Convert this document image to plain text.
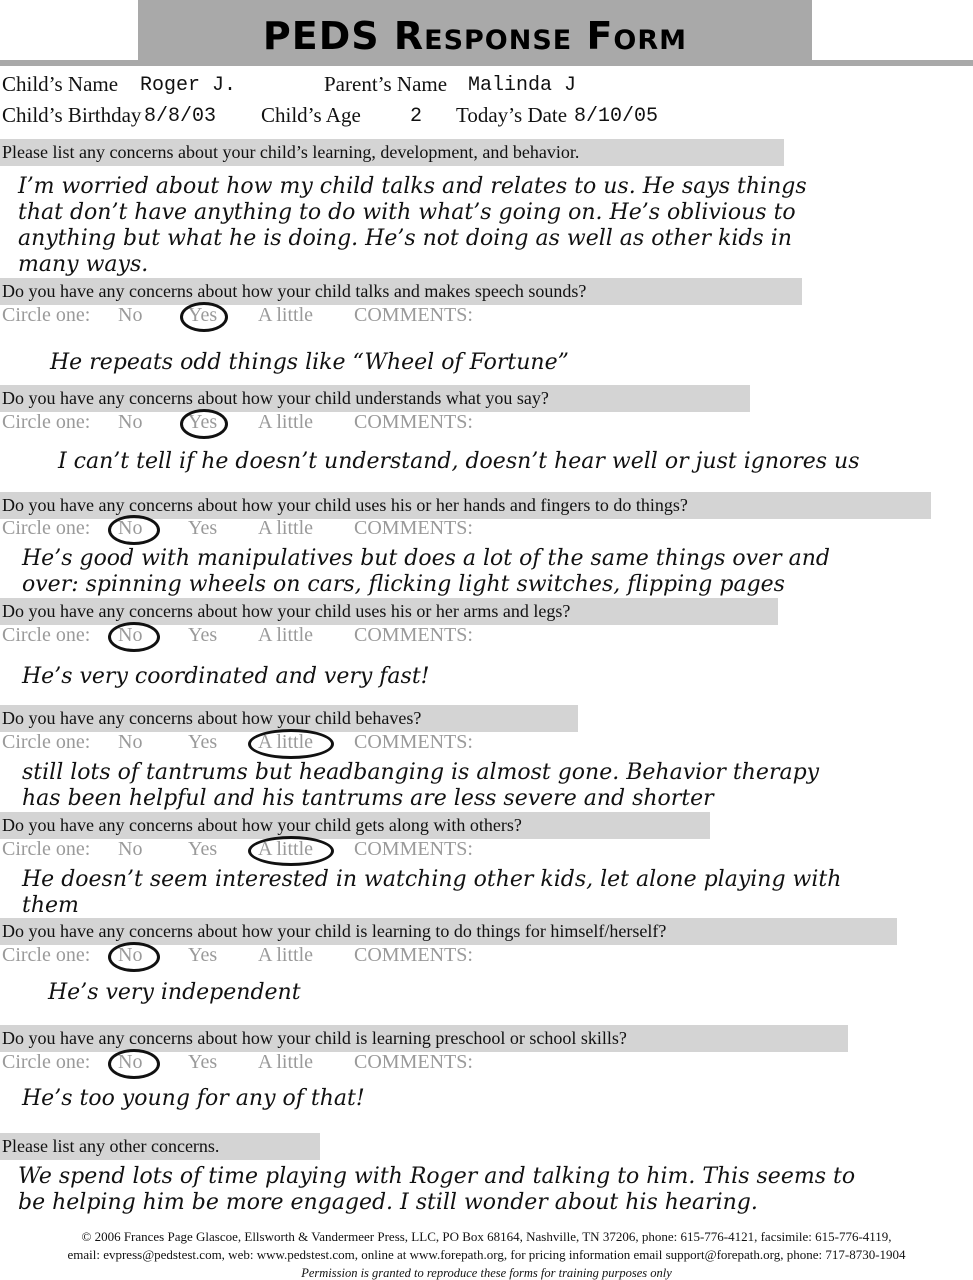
PEDS Response Form
Child’s Name Roger J.	Parent’s Name Malinda J
Child’s Birthday 8/8/03 Child’s Age 2 Today’s Date 8/10/05
Please list any concerns about your child’s learning, development, and behavior.
I’m worried about how my child talks and relates to us. He says things
that don’t have anything to do with what’s going on. He’s oblivious to
anything but what he is doing. He’s not doing as well as other kids in
many ways.
Do you have any concerns about how your child talks and makes speech sounds?
Circle one: No Yes A little COMMENTS:
He repeats odd things like “Wheel of Fortune”
Do you have any concerns about how your child understands what you say?
Circle one: No Yes A little COMMENTS:
I can’t tell if he doesn’t understand, doesn’t hear well or just ignores us
Do you have any concerns about how your child uses his or her hands and fingers to do things?
Circle one: No Yes A little COMMENTS:
He’s good with manipulatives but does a lot of the same things over and
over: spinning wheels on cars, flicking light switches, flipping pages
Do you have any concerns about how your child uses his or her arms and legs?
Circle one: No Yes A little COMMENTS:
He’s very coordinated and very fast!
Do you have any concerns about how your child behaves?
Circle one: No Yes A little COMMENTS:
still lots of tantrums but headbanging is almost gone. Behavior therapy
has been helpful and his tantrums are less severe and shorter
Do you have any concerns about how your child gets along with others?
Circle one: No Yes A little COMMENTS:
He doesn’t seem interested in watching other kids, let alone playing with
them
Do you have any concerns about how your child is learning to do things for himself/herself?
Circle one: No Yes A little COMMENTS:
He’s very independent
Do you have any concerns about how your child is learning preschool or school skills?
Circle one: No Yes A little COMMENTS:
He’s too young for any of that!
Please list any other concerns.
We spend lots of time playing with Roger and talking to him. This seems to
be helping him be more engaged. I still wonder about his hearing.
© 2006 Frances Page Glascoe, Ellsworth & Vandermeer Press, LLC, PO Box 68164, Nashville, TN 37206, phone: 615-776-4121, facsimile: 615-776-4119,
email: evpress@pedstest.com, web: www.pedstest.com, online at www.forepath.org, for pricing information email support@forepath.org, phone: 717-8730-1904
Permission is granted to reproduce these forms for training purposes only
